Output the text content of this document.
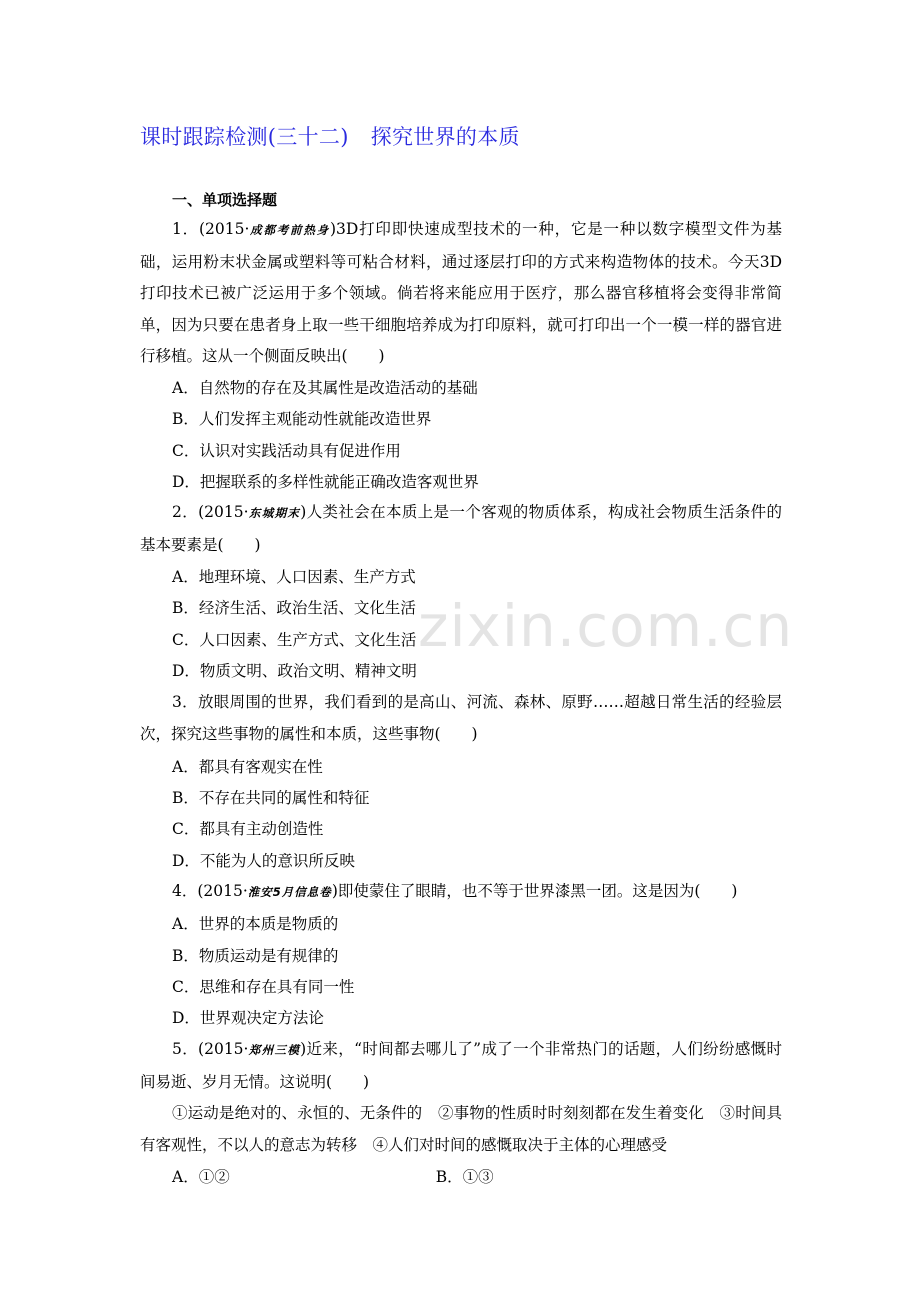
zixin.com.cn
课时跟踪检测(三十二) 探究世界的本质
一、单项选择题
1．(2015·成都考前热身)3D打印即快速成型技术的一种，它是一种以数字模型文件为基础，运用粉末状金属或塑料等可粘合材料，通过逐层打印的方式来构造物体的技术。今天3D打印技术已被广泛运用于多个领域。倘若将来能应用于医疗，那么器官移植将会变得非常简单，因为只要在患者身上取一些干细胞培养成为打印原料，就可打印出一个一模一样的器官进行移植。这从一个侧面反映出(　　)
A．自然物的存在及其属性是改造活动的基础
B．人们发挥主观能动性就能改造世界
C．认识对实践活动具有促进作用
D．把握联系的多样性就能正确改造客观世界
2．(2015·东城期末)人类社会在本质上是一个客观的物质体系，构成社会物质生活条件的基本要素是(　　)
A．地理环境、人口因素、生产方式
B．经济生活、政治生活、文化生活
C．人口因素、生产方式、文化生活
D．物质文明、政治文明、精神文明
3．放眼周围的世界，我们看到的是高山、河流、森林、原野……超越日常生活的经验层次，探究这些事物的属性和本质，这些事物(　　)
A．都具有客观实在性
B．不存在共同的属性和特征
C．都具有主动创造性
D．不能为人的意识所反映
4．(2015·淮安5月信息卷)即使蒙住了眼睛，也不等于世界漆黑一团。这是因为(　　)
A．世界的本质是物质的
B．物质运动是有规律的
C．思维和存在具有同一性
D．世界观决定方法论
5．(2015·郑州三模)近来，“时间都去哪儿了”成了一个非常热门的话题，人们纷纷感慨时间易逝、岁月无情。这说明(　　)
①运动是绝对的、永恒的、无条件的　②事物的性质时时刻刻都在发生着变化　③时间具有客观性，不以人的意志为转移　④人们对时间的感慨取决于主体的心理感受
A．①②	B．①③
